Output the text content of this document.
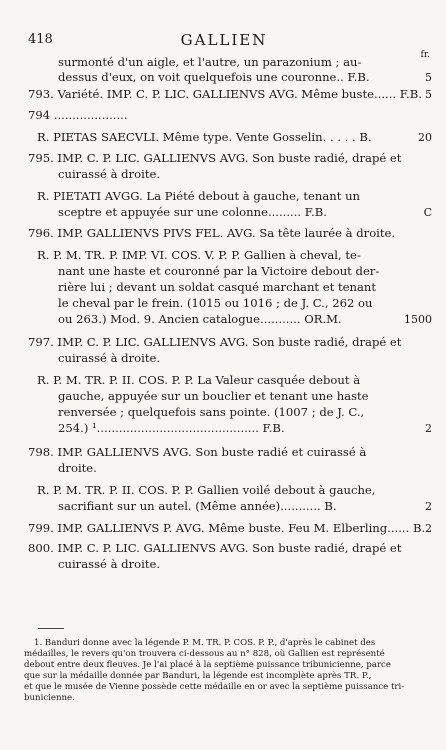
418	GALLIEN
fr.
surmonté d'un aigle, et l'autre, un parazonium ; au-
dessus d'eux, on voit quelquefois une couronne.. F.B.
793. Variété. IMP. C. P. LIC. GALLIENVS AVG. Même buste...... F.B.
794 ....................
R. PIETAS SAECVLI. Même type. Vente Gosselin. . . . . B.
795. IMP. C. P. LIC. GALLIENVS AVG. Son buste radié, drapé et
cuirassé à droite.
R. PIETATI AVGG. La Piété debout à gauche, tenant un
sceptre et appuyée sur une colonne......... F.B.
796. IMP. GALLIENVS PIVS FEL. AVG. Sa tête laurée à droite.
R. P. M. TR. P. IMP. VI. COS. V. P. P. Gallien à cheval, te-
nant une haste et couronné par la Victoire debout der-
rière lui ; devant un soldat casqué marchant et tenant
le cheval par le frein. (1015 ou 1016 ; de J. C., 262 ou
ou 263.) Mod. 9. Ancien catalogue........... OR.M.
797. IMP. C. P. LIC. GALLIENVS AVG. Son buste radié, drapé et
cuirassé à droite.
R. P. M. TR. P. II. COS. P. P. La Valeur casquée debout à
gauche, appuyée sur un bouclier et tenant une haste
renversée ; quelquefois sans pointe. (1007 ; de J. C.,
254.) ¹............................................ F.B.
798. IMP. GALLIENVS AVG. Son buste radié et cuirassé à
droite.
R. P. M. TR. P. II. COS. P. P. Gallien voilé debout à gauche,
sacrifiant sur un autel. (Même année)........... B.
799. IMP. GALLIENVS P. AVG. Même buste. Feu M. Elberling...... B.
800. IMP. C. P. LIC. GALLIENVS AVG. Son buste radié, drapé et
cuirassé à droite.
5
5
20
C
1500
2
2
2
1. Banduri donne avec la légende P. M. TR. P. COS. P. P., d'après le cabinet des
médailles, le revers qu'on trouvera ci-dessous au n° 828, où Gallien est représenté
debout entre deux fleuves. Je l'ai placé à la septième puissance tribunicienne, parce
que sur la médaille donnée par Banduri, la légende est incomplète après TR. P.,
et que le musée de Vienne possède cette médaille en or avec la septième puissance tri-
bunicienne.
